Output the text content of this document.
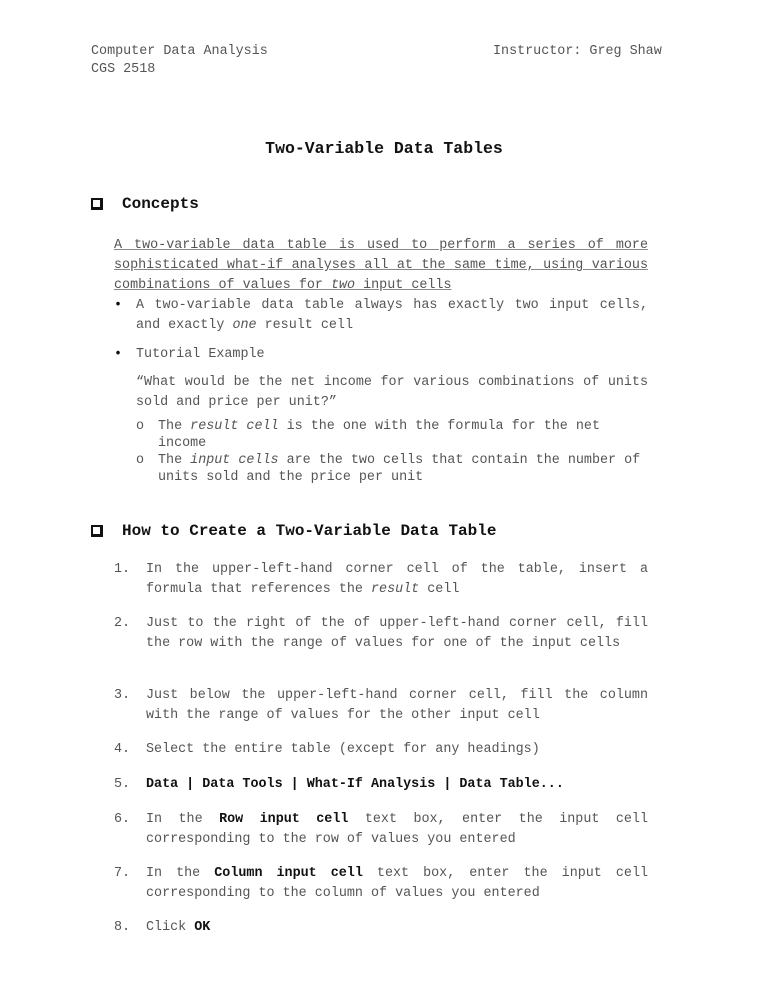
Computer Data Analysis
CGS 2518
Instructor: Greg Shaw
Two-Variable Data Tables
Concepts
A two-variable data table is used to perform a series of more sophisticated what-if analyses all at the same time, using various combinations of values for two input cells
•	A two-variable data table always has exactly two input cells, and exactly one result cell
•	Tutorial Example
“What would be the net income for various combinations of units sold and price per unit?”
o	The result cell is the one with the formula for the net income
o	The input cells are the two cells that contain the number of units sold and the price per unit
How to Create a Two-Variable Data Table
1.	In the upper-left-hand corner cell of the table, insert a formula that references the result cell
2.	Just to the right of the of upper-left-hand corner cell, fill the row with the range of values for one of the input cells
3.	Just below the upper-left-hand corner cell, fill the column with the range of values for the other input cell
4.	Select the entire table (except for any headings)
5.	Data | Data Tools | What-If Analysis | Data Table...
6.	In the Row input cell text box, enter the input cell corresponding to the row of values you entered
7.	In the Column input cell text box, enter the input cell corresponding to the column of values you entered
8.	Click OK
